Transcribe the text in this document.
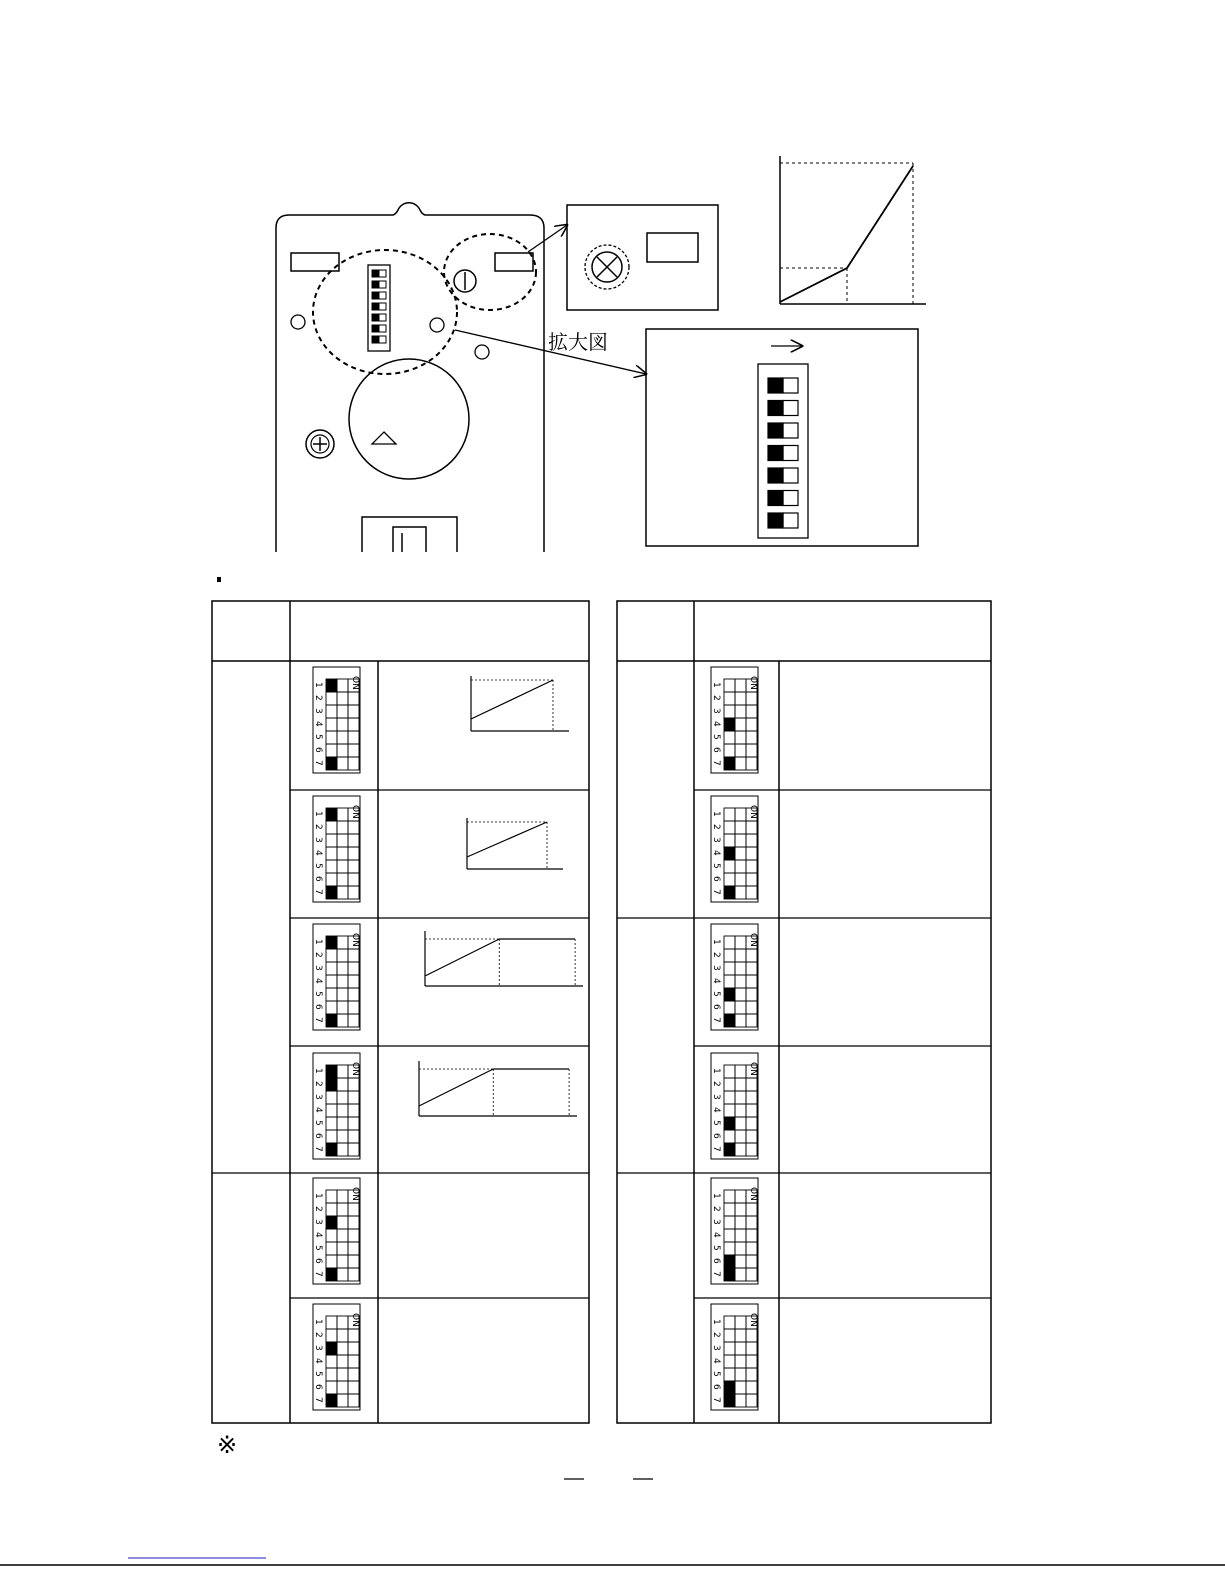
拡大図
ON
1
2
3
4
5
6
7
ON
1
2
3
4
5
6
7
ON
1
2
3
4
5
6
7
ON
1
2
3
4
5
6
7
ON
1
2
3
4
5
6
7
ON
1
2
3
4
5
6
7
ON
1
2
3
4
5
6
7
ON
1
2
3
4
5
6
7
ON
1
2
3
4
5
6
7
ON
1
2
3
4
5
6
7
ON
1
2
3
4
5
6
7
ON
1
2
3
4
5
6
7
※
